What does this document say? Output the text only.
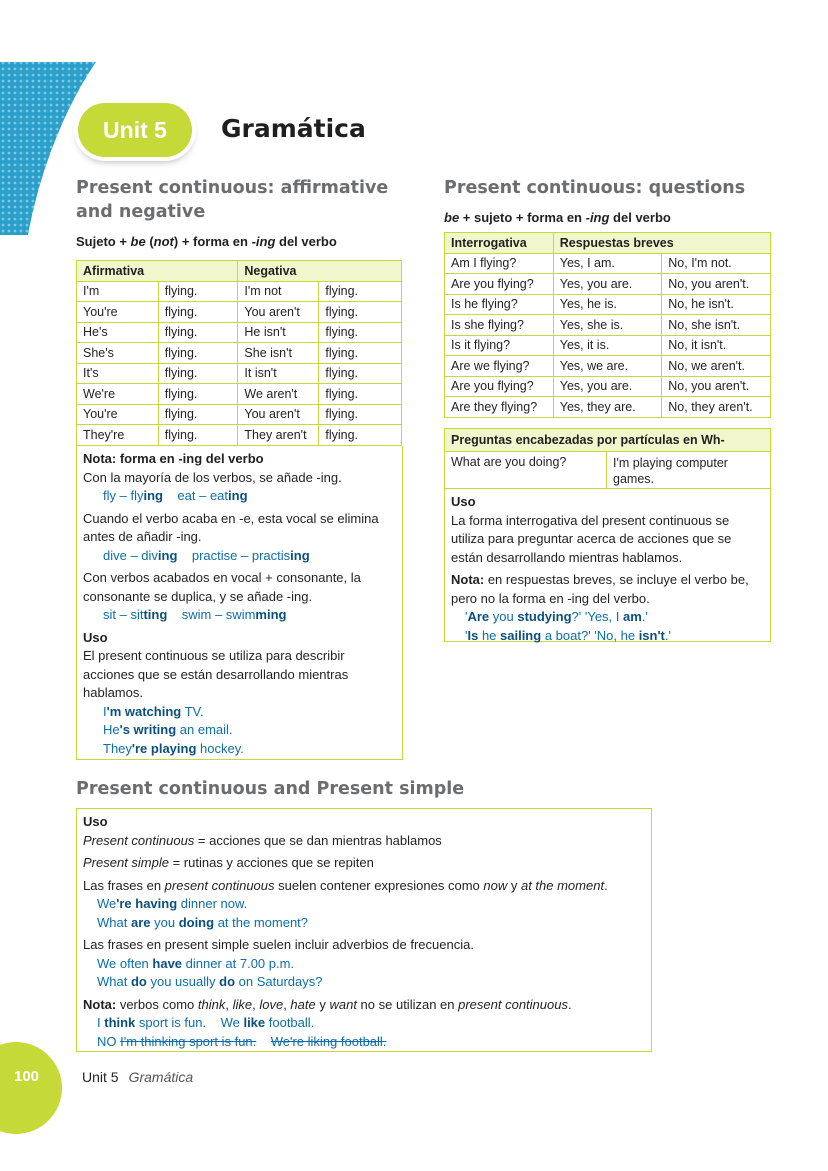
Unit 5	Gramática
Present continuous: affirmative and negative
Sujeto + be (not) + forma en -ing del verbo
Afirmativa		Negativa	
I'm	flying.	I'm not	flying.
You're	flying.	You aren't	flying.
He's	flying.	He isn't	flying.
She's	flying.	She isn't	flying.
It's	flying.	It isn't	flying.
We're	flying.	We aren't	flying.
You're	flying.	You aren't	flying.
They're	flying.	They aren't	flying.

Nota: forma en -ing del verbo

Con la mayoría de los verbos, se añade -ing.

fly – flying eat – eating

Cuando el verbo acaba en -e, esta vocal se elimina antes de añadir -ing.

dive – diving practise – practising

Con verbos acabados en vocal + consonante, la consonante se duplica, y se añade -ing.

sit – sitting swim – swimming

Uso

El present continuous se utiliza para describir acciones que se están desarrollando mientras hablamos.

I'm watching TV.
He's writing an email.
They're playing hockey.
Present continuous: questions
be + sujeto + forma en -ing del verbo
Interrogativa	Respuestas breves	
Am I flying?	Yes, I am.	No, I'm not.
Are you flying?	Yes, you are.	No, you aren't.
Is he flying?	Yes, he is.	No, he isn't.
Is she flying?	Yes, she is.	No, she isn't.
Is it flying?	Yes, it is.	No, it isn't.
Are we flying?	Yes, we are.	No, we aren't.
Are you flying?	Yes, you are.	No, you aren't.
Are they flying?	Yes, they are.	No, they aren't.
Preguntas encabezadas por partículas en Wh-
What are you doing?	I'm playing computer games.

Uso

La forma interrogativa del present continuous se utiliza para preguntar acerca de acciones que se están desarrollando mientras hablamos.

Nota: en respuestas breves, se incluye el verbo be, pero no la forma en -ing del verbo.

'Are you studying?' 'Yes, I am.'
'Is he sailing a boat?' 'No, he isn't.'
Present continuous and Present simple

Uso

Present continuous = acciones que se dan mientras hablamos

Present simple = rutinas y acciones que se repiten

Las frases en present continuous suelen contener expresiones como now y at the moment.

We're having dinner now.
What are you doing at the moment?

Las frases en present simple suelen incluir adverbios de frecuencia.

We often have dinner at 7.00 p.m.
What do you usually do on Saturdays?

Nota: verbos como think, like, love, hate y want no se utilizan en present continuous.

I think sport is fun. We like football.
NO I'm thinking sport is fun. We're liking football.
100	Unit 5 Gramática
